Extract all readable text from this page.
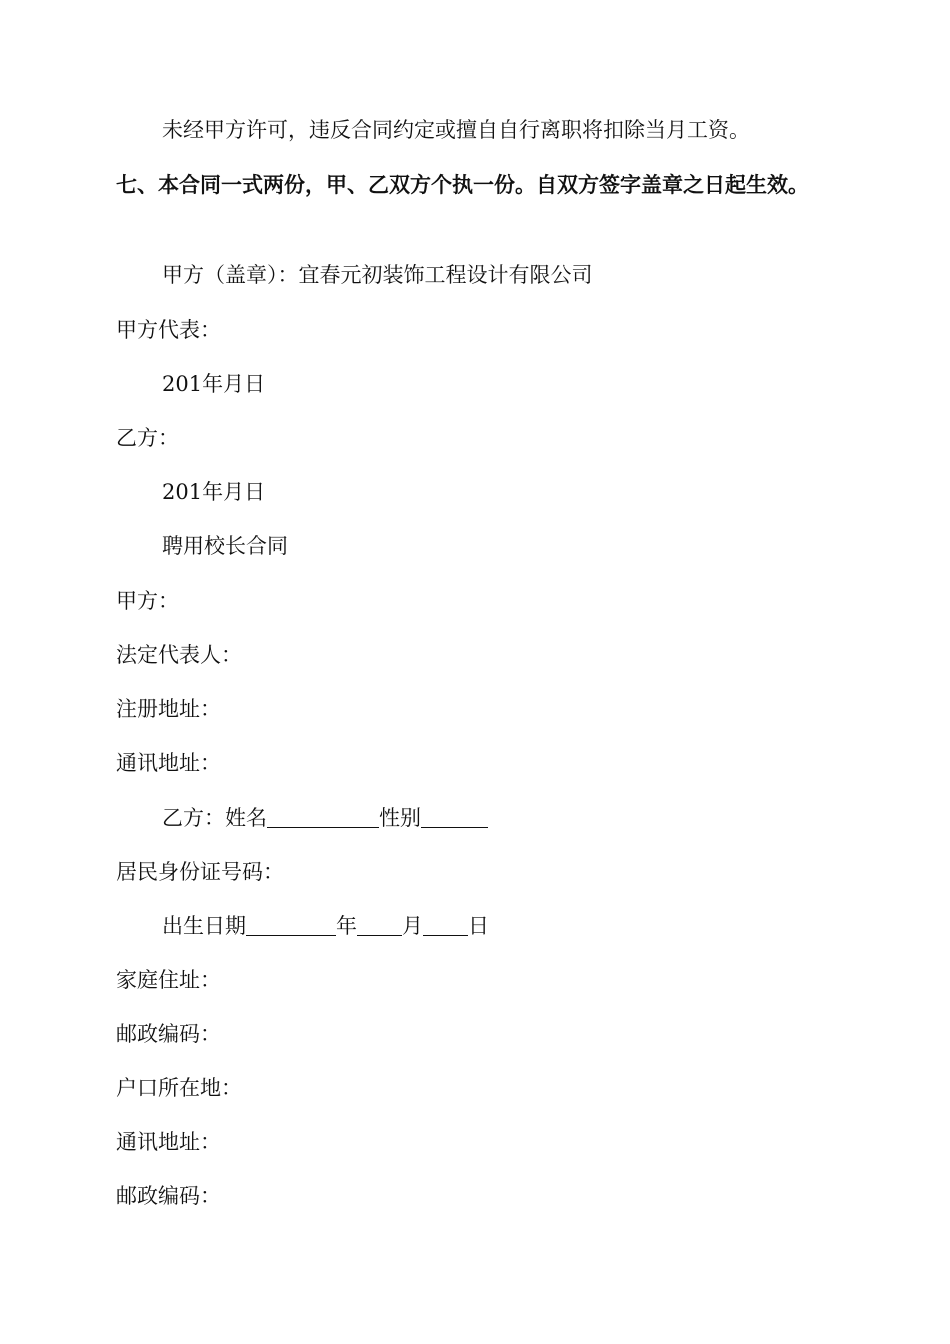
未经甲方许可，违反合同约定或擅自自行离职将扣除当月工资。
七、本合同一式两份，甲、乙双方个执一份。自双方签字盖章之日起生效。
甲方（盖章）：宜春元初装饰工程设计有限公司
甲方代表：
201年月日
乙方：
201年月日
聘用校长合同
甲方：
法定代表人：
注册地址：
通讯地址：
乙方：姓名	性别
居民身份证号码：
出生日期	年 月 日
家庭住址：
邮政编码：
户口所在地：
通讯地址：
邮政编码：
